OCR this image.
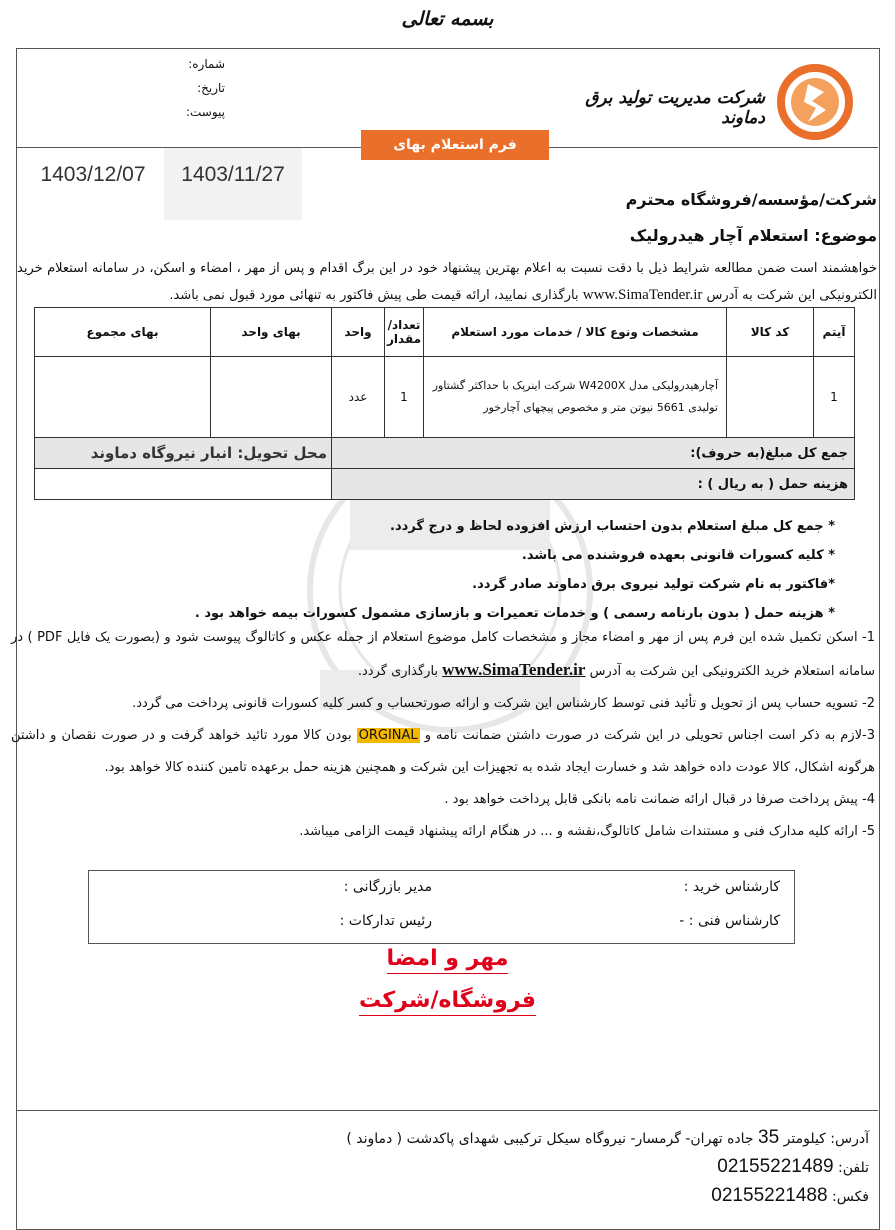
بسمه تعالی
شرکت مدیریت تولید برق دماوند
شماره:
تاریخ:
پیوست:
فرم استعلام بهای
1403/11/27
1403/12/07
شرکت/مؤسسه/فروشگاه محترم
موضوع: استعلام آچار هیدرولیک
خواهشمند است ضمن مطالعه شرایط ذیل با دقت نسبت به اعلام بهترین پیشنهاد خود در این برگ اقدام و پس از مهر ، امضاء و اسکن، در سامانه استعلام خرید الکترونیکی این شرکت به آدرس www.SimaTender.ir بارگذاری نمایید، ارائه قیمت طی پیش فاکتور به تنهائی مورد قبول نمی باشد.
آیتم	کد کالا	مشخصات ونوع کالا / خدمات مورد استعلام	تعداد/ مقدار	واحد	بهای واحد	بهای مجموع
1		آچارهیدرولیکی مدل W4200X شرکت اینرپک با حداکثر گشتاور تولیدی 5661 نیوتن متر و مخصوص پیچهای آچارخور	1	عدد		
جمع کل مبلغ(به حروف):					محل تحویل: انبار نیروگاه دماوند	
هزینه حمل ( به ریال ) :						
* جمع کل مبلغ استعلام بدون احتساب ارزش افزوده لحاظ و درج گردد.
* کلیه کسورات قانونی بعهده فروشنده می باشد.
*فاکتور به نام شرکت تولید نیروی برق دماوند صادر گردد.
* هزینه حمل ( بدون بارنامه رسمی ) و خدمات تعمیرات و بازسازی مشمول کسورات بیمه خواهد بود .
1- اسکن تکمیل شده این فرم پس از مهر و امضاء مجاز و مشخصات کامل موضوع استعلام از جمله عکس و کاتالوگ پیوست شود و (بصورت یک فایل PDF ) در سامانه استعلام خرید الکترونیکی این شرکت به آدرس www.SimaTender.ir بارگذاری گردد.
2- تسویه حساب پس از تحویل و تأئید فنی توسط کارشناس این شرکت و ارائه صورتحساب و کسر کلیه کسورات قانونی پرداخت می گردد.
3-لازم به ذکر است اجناس تحویلی در این شرکت در صورت داشتن ضمانت نامه و ORGINAL بودن کالا مورد تائید خواهد گرفت و در صورت نقصان و داشتن هرگونه اشکال، کالا عودت داده خواهد شد و خسارت ایجاد شده به تجهیزات این شرکت و همچنین هزینه حمل برعهده تامین کننده کالا خواهد بود.
4- پیش پرداخت صرفا در قبال ارائه ضمانت نامه بانکی قابل پرداخت خواهد بود .
5- ارائه کلیه مدارک فنی و مستندات شامل کاتالوگ،نقشه و ... در هنگام ارائه پیشنهاد قیمت الزامی میباشد.
کارشناس خرید :
کارشناس فنی : -
مدیر بازرگانی :
رئیس تدارکات :
مهر و امضا
فروشگاه/شرکت
آدرس: کیلومتر 35 جاده تهران- گرمسار- نیروگاه سیکل ترکیبی شهدای پاکدشت ( دماوند )
تلفن: 02155221489
فکس: 02155221488
